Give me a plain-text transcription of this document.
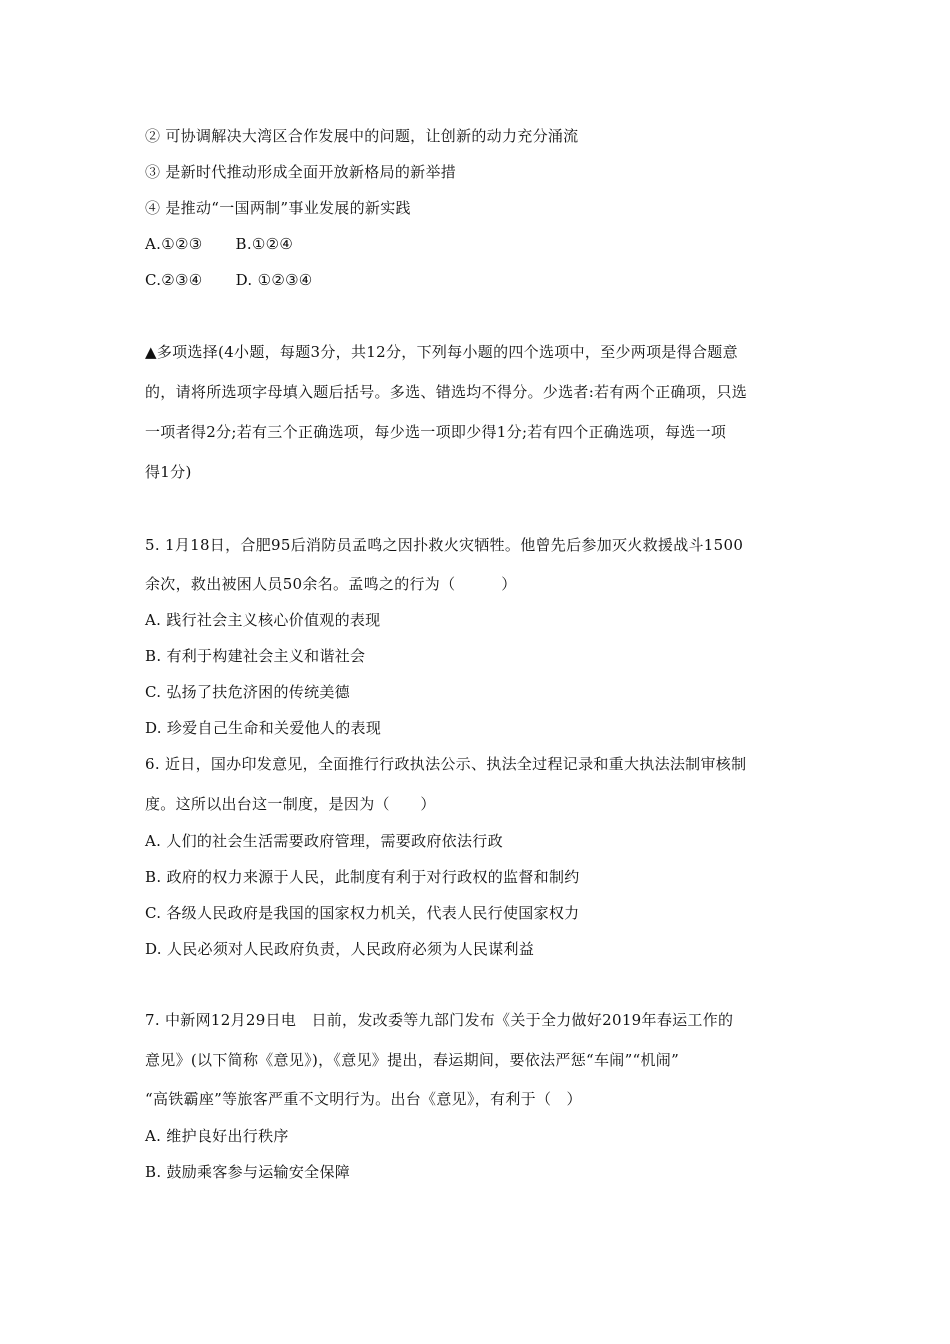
② 可协调解决大湾区合作发展中的问题，让创新的动力充分涌流
③ 是新时代推动形成全面开放新格局的新举措
④ 是推动“一国两制”事业发展的新实践
A.①②③ B.①②④
C.②③④ D. ①②③④
▲多项选择(4小题，每题3分，共12分，下列每小题的四个选项中，至少两项是得合题意
的，请将所选项字母填入题后括号。多选、错选均不得分。少选者:若有两个正确项，只选
一项者得2分;若有三个正确选项，每少选一项即少得1分;若有四个正确选项，每选一项
得1分)
5. 1月18日，合肥95后消防员孟鸣之因扑救火灾牺牲。他曾先后参加灭火救援战斗1500
余次，救出被困人员50余名。孟鸣之的行为（　　　）
A. 践行社会主义核心价值观的表现
B. 有利于构建社会主义和谐社会
C. 弘扬了扶危济困的传统美德
D. 珍爱自己生命和关爱他人的表现
6. 近日，国办印发意见，全面推行行政执法公示、执法全过程记录和重大执法法制审核制
度。这所以出台这一制度，是因为（　　）
A. 人们的社会生活需要政府管理，需要政府依法行政
B. 政府的权力来源于人民，此制度有利于对行政权的监督和制约
C. 各级人民政府是我国的国家权力机关，代表人民行使国家权力
D. 人民必须对人民政府负责，人民政府必须为人民谋利益
7. 中新网12月29日电　日前，发改委等九部门发布《关于全力做好2019年春运工作的
意见》(以下简称《意见》)，《意见》提出，春运期间，要依法严惩“车闹”“机闹”
“高铁霸座”等旅客严重不文明行为。出台《意见》，有利于（　）
A. 维护良好出行秩序
B. 鼓励乘客参与运输安全保障
